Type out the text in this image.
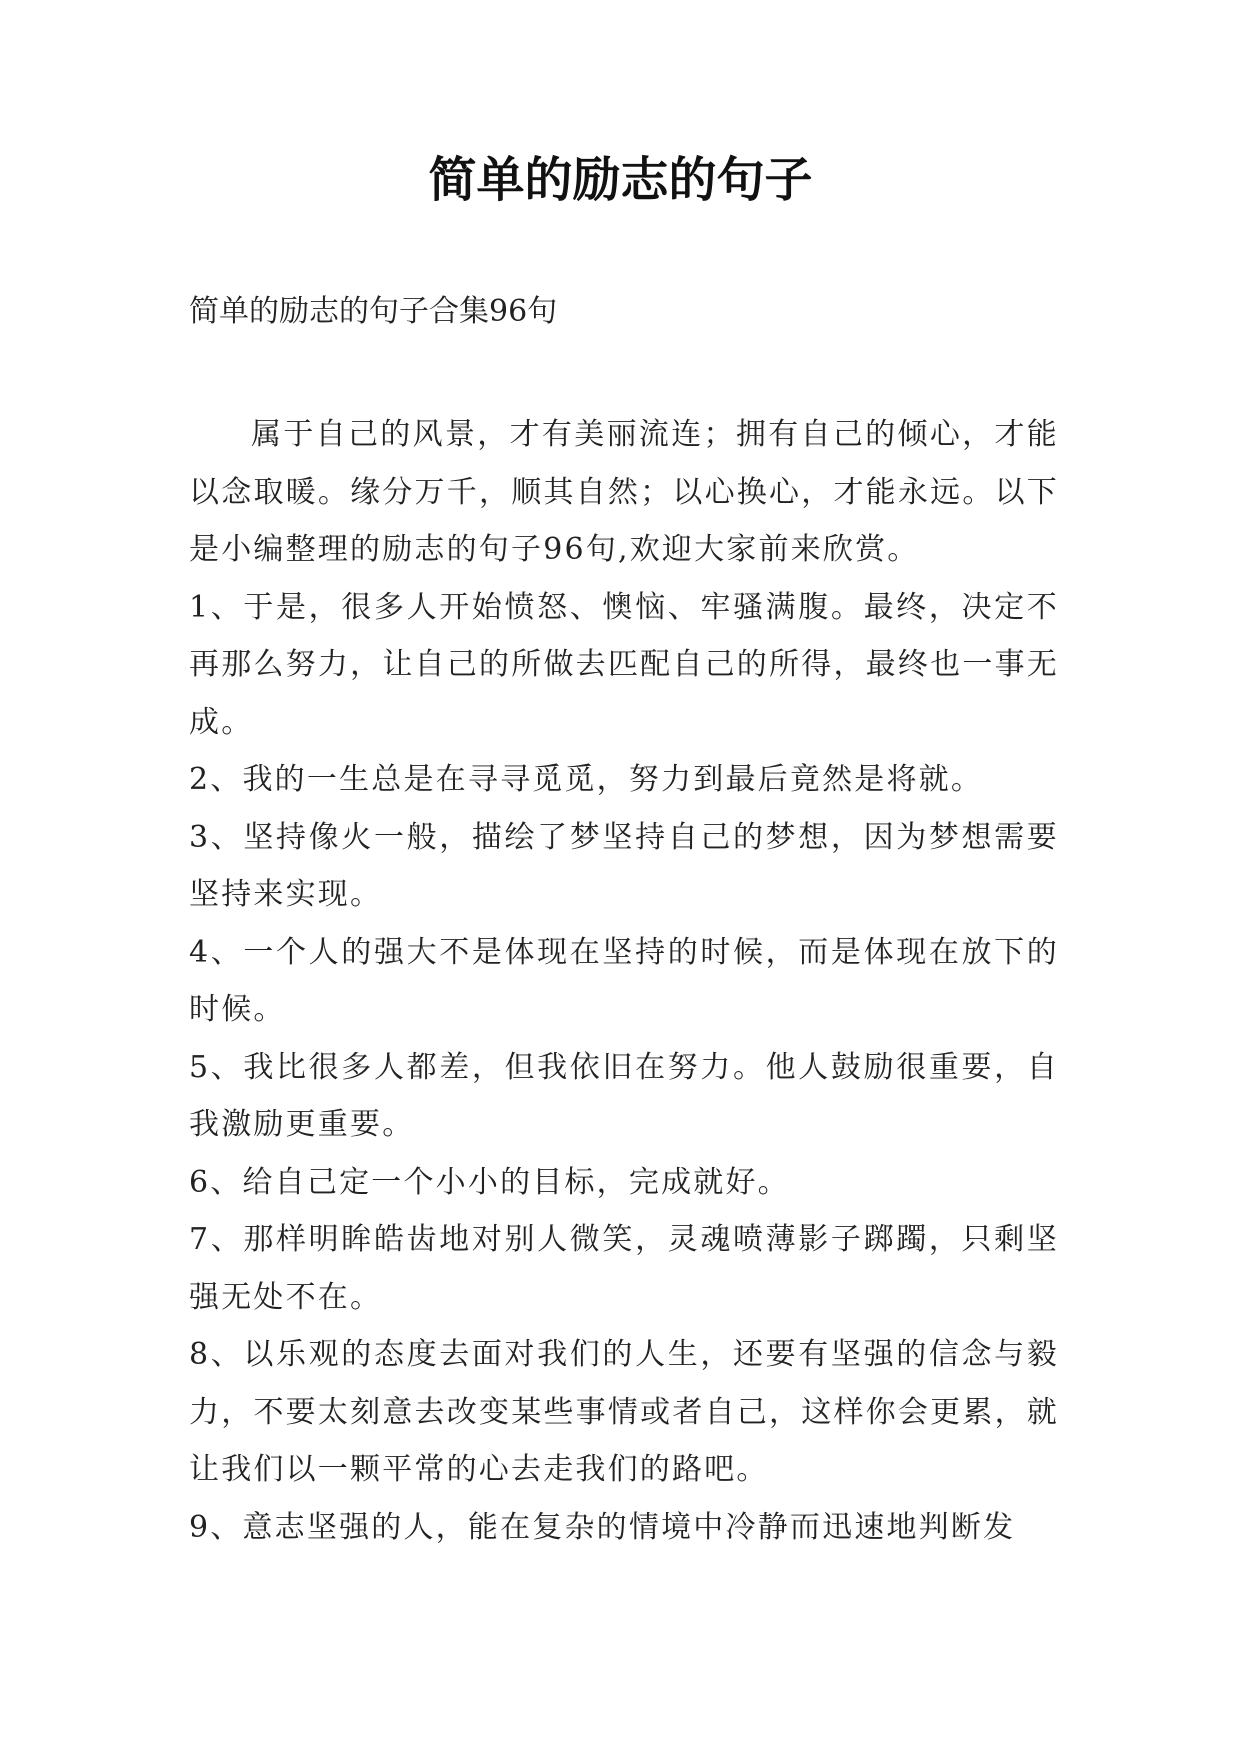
简单的励志的句子

简单的励志的句子合集96句

属于自己的风景，才有美丽流连；拥有自己的倾心，才能以念取暖。缘分万千，顺其自然；以心换心，才能永远。以下是小编整理的励志的句子96句,欢迎大家前来欣赏。

1、于是，很多人开始愤怒、懊恼、牢骚满腹。最终，决定不再那么努力，让自己的所做去匹配自己的所得，最终也一事无成。

2、我的一生总是在寻寻觅觅，努力到最后竟然是将就。

3、坚持像火一般，描绘了梦坚持自己的梦想，因为梦想需要坚持来实现。

4、一个人的强大不是体现在坚持的时候，而是体现在放下的时候。

5、我比很多人都差，但我依旧在努力。他人鼓励很重要，自我激励更重要。

6、给自己定一个小小的目标，完成就好。

7、那样明眸皓齿地对别人微笑，灵魂喷薄影子踯躅，只剩坚强无处不在。

8、以乐观的态度去面对我们的人生，还要有坚强的信念与毅力，不要太刻意去改变某些事情或者自己，这样你会更累，就让我们以一颗平常的心去走我们的路吧。

9、意志坚强的人，能在复杂的情境中冷静而迅速地判断发
